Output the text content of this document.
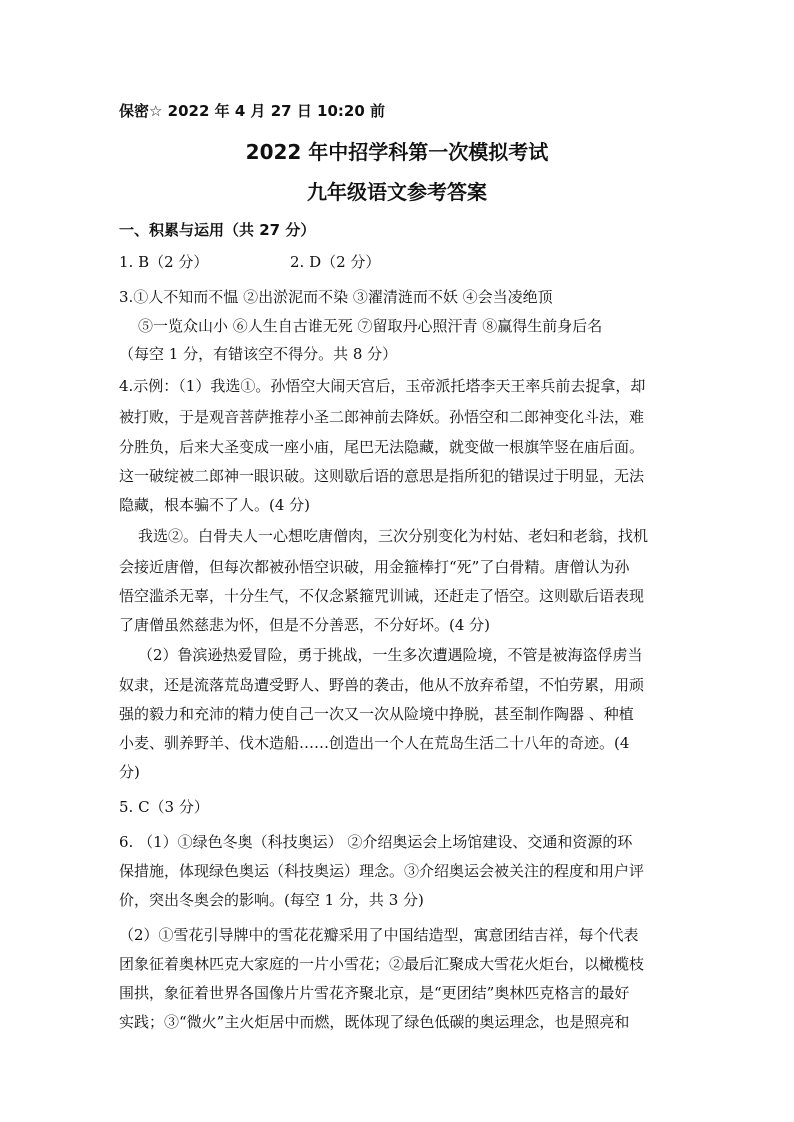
保密☆ 2022 年 4 月 27 日 10:20 前
2022 年中招学科第一次模拟考试
九年级语文参考答案
一、积累与运用（共 27 分）
1. B（2 分）	2. D（2 分）
3.①人不知而不愠 ②出淤泥而不染 ③濯清涟而不妖 ④会当凌绝顶
⑤一览众山小 ⑥人生自古谁无死 ⑦留取丹心照汗青 ⑧赢得生前身后名
（每空 1 分，有错该空不得分。共 8 分）
4.示例：（1）我选①。孙悟空大闹天宫后，玉帝派托塔李天王率兵前去捉拿，却
被打败，于是观音菩萨推荐小圣二郎神前去降妖。孙悟空和二郎神变化斗法，难
分胜负，后来大圣变成一座小庙，尾巴无法隐藏，就变做一根旗竿竖在庙后面。
这一破绽被二郎神一眼识破。这则歇后语的意思是指所犯的错误过于明显，无法
隐藏，根本骗不了人。(4 分)
我选②。白骨夫人一心想吃唐僧肉，三次分别变化为村姑、老妇和老翁，找机
会接近唐僧，但每次都被孙悟空识破，用金箍棒打“死”了白骨精。唐僧认为孙
悟空滥杀无辜，十分生气，不仅念紧箍咒训诫，还赶走了悟空。这则歇后语表现
了唐僧虽然慈悲为怀，但是不分善恶，不分好坏。(4 分)
（2）鲁滨逊热爱冒险，勇于挑战，一生多次遭遇险境，不管是被海盗俘虏当
奴隶，还是流落荒岛遭受野人、野兽的袭击，他从不放弃希望，不怕劳累，用顽
强的毅力和充沛的精力使自己一次又一次从险境中挣脱，甚至制作陶器 、种植
小麦、驯养野羊、伐木造船……创造出一个人在荒岛生活二十八年的奇迹。(4
分)
5. C（3 分）
6. （1）①绿色冬奥（科技奥运） ②介绍奥运会上场馆建设、交通和资源的环
保措施，体现绿色奥运（科技奥运）理念。③介绍奥运会被关注的程度和用户评
价，突出冬奥会的影响。(每空 1 分，共 3 分)
（2）①雪花引导牌中的雪花花瓣采用了中国结造型，寓意团结吉祥，每个代表
团象征着奥林匹克大家庭的一片小雪花；②最后汇聚成大雪花火炬台，以橄榄枝
围拱，象征着世界各国像片片雪花齐聚北京，是“更团结”奥林匹克格言的最好
实践；③“微火”主火炬居中而燃，既体现了绿色低碳的奥运理念，也是照亮和
